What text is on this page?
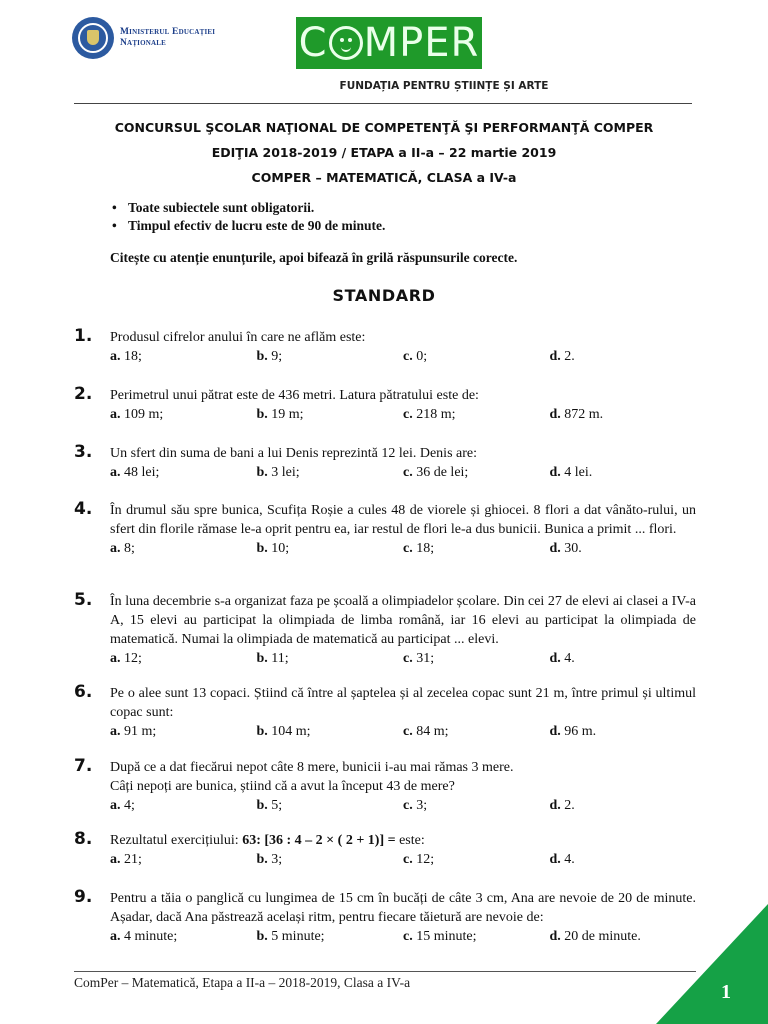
Ministerul Educației
Naționale	C MPER
FUNDAȚIA PENTRU ȘTIINȚE ȘI ARTE
CONCURSUL ŞCOLAR NAŢIONAL DE COMPETENŢĂ ŞI PERFORMANŢĂ COMPER
EDIŢIA 2018-2019 / ETAPA a II-a – 22 martie 2019
COMPER – MATEMATICĂ, CLASA a IV-a
• Toate subiectele sunt obligatorii.
• Timpul efectiv de lucru este de 90 de minute.
Citește cu atenție enunțurile, apoi bifează în grilă răspunsurile corecte.
STANDARD
1. Produsul cifrelor anului în care ne aflăm este:
a. 18;	b. 9;	c. 0;	d. 2.
2. Perimetrul unui pătrat este de 436 metri. Latura pătratului este de:
a. 109 m;	b. 19 m;	c. 218 m;	d. 872 m.
3. Un sfert din suma de bani a lui Denis reprezintă 12 lei. Denis are:
a. 48 lei;	b. 3 lei;	c. 36 de lei;	d. 4 lei.
4. În drumul său spre bunica, Scufița Roșie a cules 48 de viorele și ghiocei. 8 flori a dat vânăto-rului, un sfert din florile rămase le-a oprit pentru ea, iar restul de flori le-a dus bunicii. Bunica a primit ... flori.
a. 8;	b. 10;	c. 18;	d. 30.
5. În luna decembrie s-a organizat faza pe școală a olimpiadelor școlare. Din cei 27 de elevi ai clasei a IV-a A, 15 elevi au participat la olimpiada de limba română, iar 16 elevi au participat la olimpiada de matematică. Numai la olimpiada de matematică au participat ... elevi.
a. 12;	b. 11;	c. 31;	d. 4.
6. Pe o alee sunt 13 copaci. Știind că între al șaptelea și al zecelea copac sunt 21 m, între primul și ultimul copac sunt:
a. 91 m;	b. 104 m;	c. 84 m;	d. 96 m.
7. După ce a dat fiecărui nepot câte 8 mere, bunicii i-au mai rămas 3 mere.
Câți nepoți are bunica, știind că a avut la început 43 de mere?
a. 4;	b. 5;	c. 3;	d. 2.
8. Rezultatul exercițiului: 63: [36 : 4 – 2 × ( 2 + 1)] = este:
a. 21;	b. 3;	c. 12;	d. 4.
9. Pentru a tăia o panglică cu lungimea de 15 cm în bucăți de câte 3 cm, Ana are nevoie de 20 de minute. Așadar, dacă Ana păstrează același ritm, pentru fiecare tăietură are nevoie de:
a. 4 minute;	b. 5 minute;	c. 15 minute;	d. 20 de minute.
ComPer – Matematică, Etapa a II-a – 2018-2019, Clasa a IV-a	1
